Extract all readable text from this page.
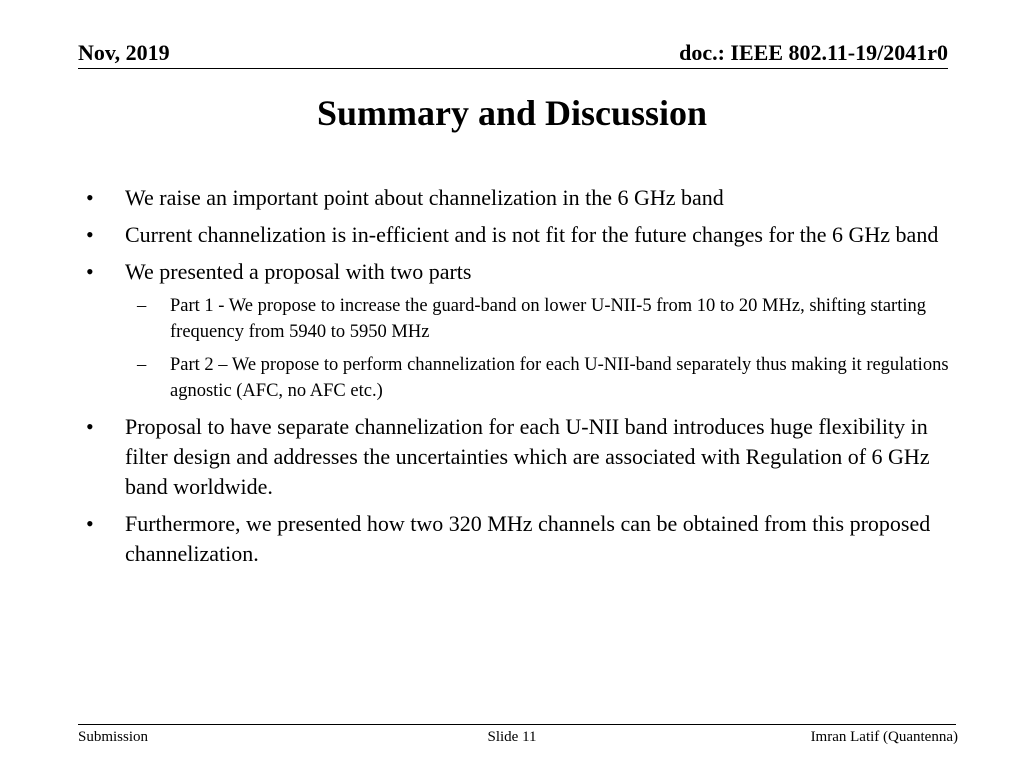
Nov, 2019	doc.: IEEE 802.11-19/2041r0
Summary and Discussion
• We raise an important point about channelization in the 6 GHz band
• Current channelization is in-efficient and is not fit for the future changes for the 6 GHz band
• We presented a proposal with two parts
– Part 1 - We propose to increase the guard-band on lower U-NII-5 from 10 to 20 MHz, shifting starting frequency from 5940 to 5950 MHz
– Part 2 – We propose to perform channelization for each U-NII-band separately thus making it regulations agnostic (AFC, no AFC etc.)
• Proposal to have separate channelization for each U-NII band introduces huge flexibility in filter design and addresses the uncertainties which are associated with Regulation of 6 GHz band worldwide.
• Furthermore, we presented how two 320 MHz channels can be obtained from this proposed channelization.
Submission	Slide 11	Imran Latif (Quantenna)
